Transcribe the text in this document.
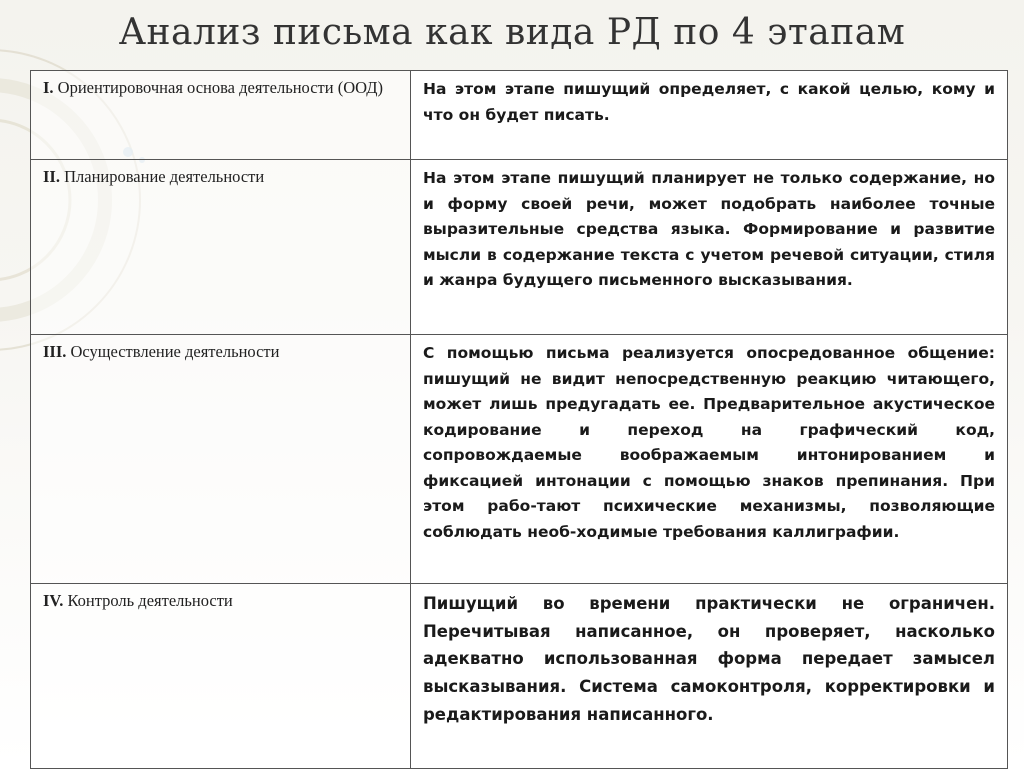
Анализ письма как вида РД по 4 этапам
I. Ориентировочная основа деятельности (ООД)	На этом этапе пишущий определяет, с какой целью, кому и что он будет писать.
II. Планирование деятельности	На этом этапе пишущий планирует не только содержание, но и форму своей речи, может подобрать наиболее точные выразительные средства языка. Формирование и развитие мысли в содержание текста с учетом речевой ситуации, стиля и жанра будущего письменного высказывания.
III. Осуществление деятельности	С помощью письма реализуется опосредованное общение: пишущий не видит непосредственную реакцию читающего, может лишь предугадать ее. Предварительное акустическое кодирование и переход на графический код, сопровождаемые воображаемым интонированием и фиксацией интонации с помощью знаков препинания. При этом рабо-тают психические механизмы, позволяющие соблюдать необ-ходимые требования каллиграфии.
IV. Контроль деятельности	Пишущий во времени практически не ограничен. Перечитывая написанное, он проверяет, насколько адекватно использованная форма передает замысел высказывания. Система самоконтроля, корректировки и редактирования написанного.
